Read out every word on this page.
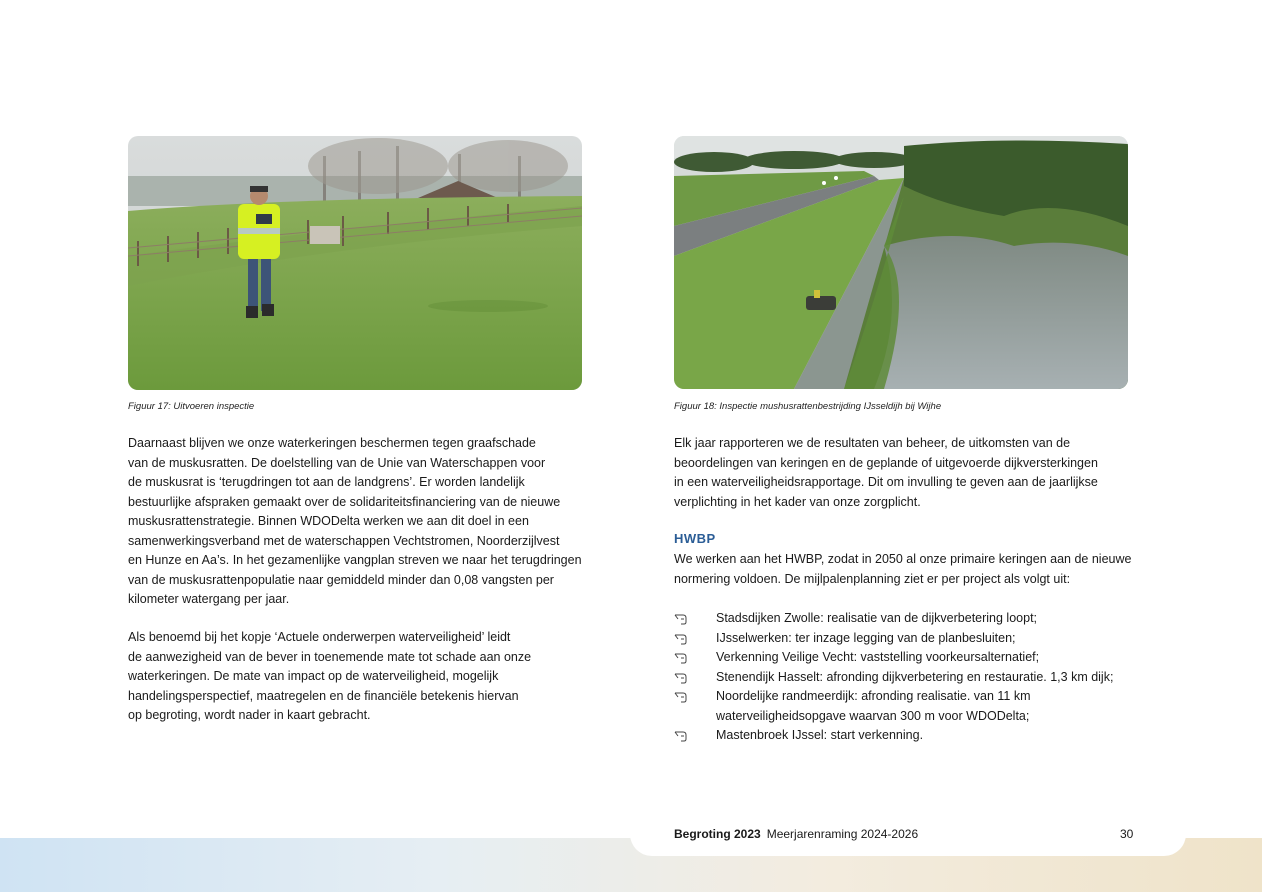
Figuur 17: Uitvoeren inspectie	Figuur 18: Inspectie mushusrattenbestrijding IJsseldijh bij Wijhe

Daarnaast blijven we onze waterkeringen beschermen tegen graafschade
van de muskusratten. De doelstelling van de Unie van Waterschappen voor
de muskusrat is ‘terugdringen tot aan de landgrens’. Er worden landelijk
bestuurlijke afspraken gemaakt over de solidariteitsfinanciering van de nieuwe
muskusrattenstrategie. Binnen WDODelta werken we aan dit doel in een
samenwerkingsverband met de waterschappen Vechtstromen, Noorderzijlvest
en Hunze en Aa’s. In het gezamenlijke vangplan streven we naar het terugdringen
van de muskusrattenpopulatie naar gemiddeld minder dan 0,08 vangsten per
kilometer watergang per jaar.

Als benoemd bij het kopje ‘Actuele onderwerpen waterveiligheid’ leidt
de aanwezigheid van de bever in toenemende mate tot schade aan onze
waterkeringen. De mate van impact op de waterveiligheid, mogelijk
handelingsperspectief, maatregelen en de financiële betekenis hiervan
op begroting, wordt nader in kaart gebracht.

Elk jaar rapporteren we de resultaten van beheer, de uitkomsten van de
beoordelingen van keringen en de geplande of uitgevoerde dijkversterkingen
in een waterveiligheidsrapportage. Dit om invulling te geven aan de jaarlijkse
verplichting in het kader van onze zorgplicht.

HWBP

We werken aan het HWBP, zodat in 2050 al onze primaire keringen aan de nieuwe
normering voldoen. De mijlpalenplanning ziet er per project als volgt uit:

Stadsdijken Zwolle: realisatie van de dijkverbetering loopt;
IJsselwerken: ter inzage legging van de planbesluiten;
Verkenning Veilige Vecht: vaststelling voorkeursalternatief;
Stenendijk Hasselt: afronding dijkverbetering en restauratie. 1,3 km dijk;
Noordelijke randmeerdijk: afronding realisatie. van 11 km
waterveiligheidsopgave waarvan 300 m voor WDODelta;
Mastenbroek IJssel: start verkenning.
Begroting 2023 Meerjarenraming 2024-2026	30
